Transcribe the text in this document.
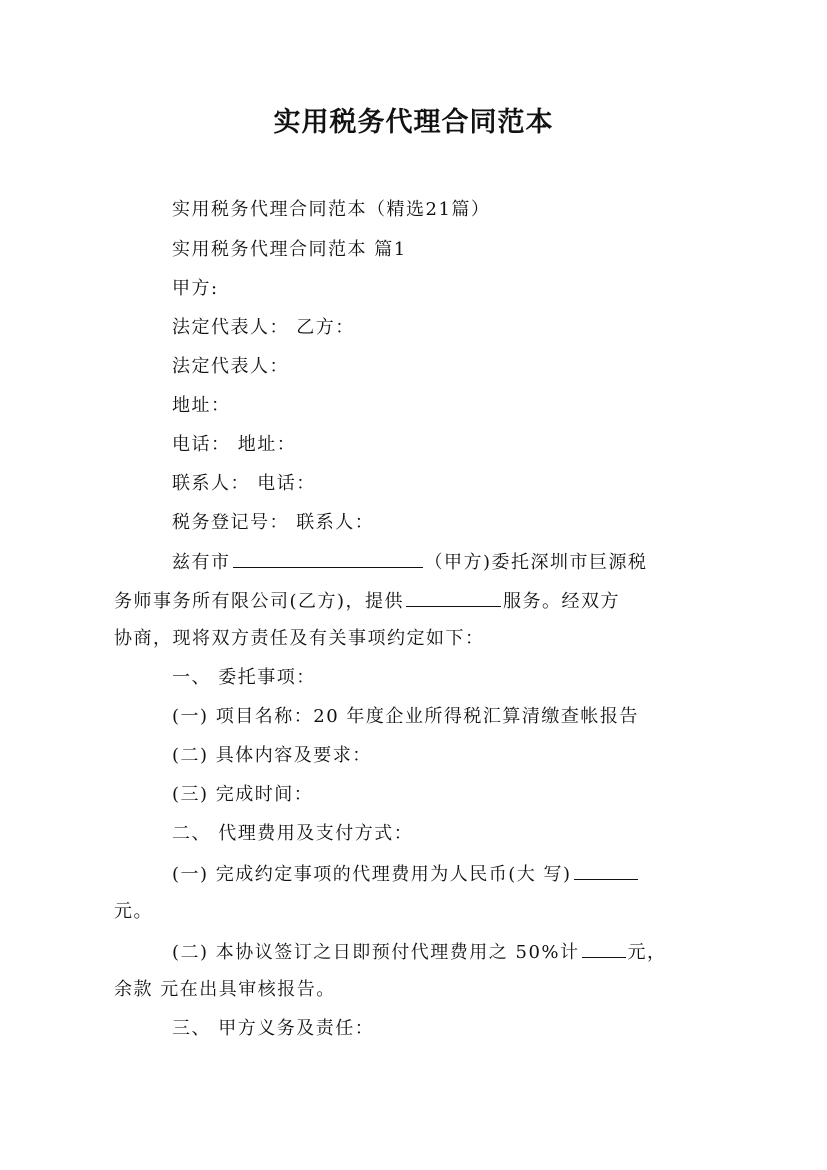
实用税务代理合同范本
实用税务代理合同范本（精选21篇）
实用税务代理合同范本 篇1
甲方:
法定代表人： 乙方：
法定代表人：
地址：
电话： 地址：
联系人： 电话：
税务登记号： 联系人：
兹有市	（甲方)委托深圳市巨源税
务师事务所有限公司(乙方)，提供	服务。经双方
协商，现将双方责任及有关事项约定如下：
一、 委托事项：
(一) 项目名称：20 年度企业所得税汇算清缴查帐报告
(二) 具体内容及要求：
(三) 完成时间：
二、 代理费用及支付方式：
(一) 完成约定事项的代理费用为人民币(大 写)
元。
(二) 本协议签订之日即预付代理费用之 50%计	元，
余款 元在出具审核报告。
三、 甲方义务及责任：
